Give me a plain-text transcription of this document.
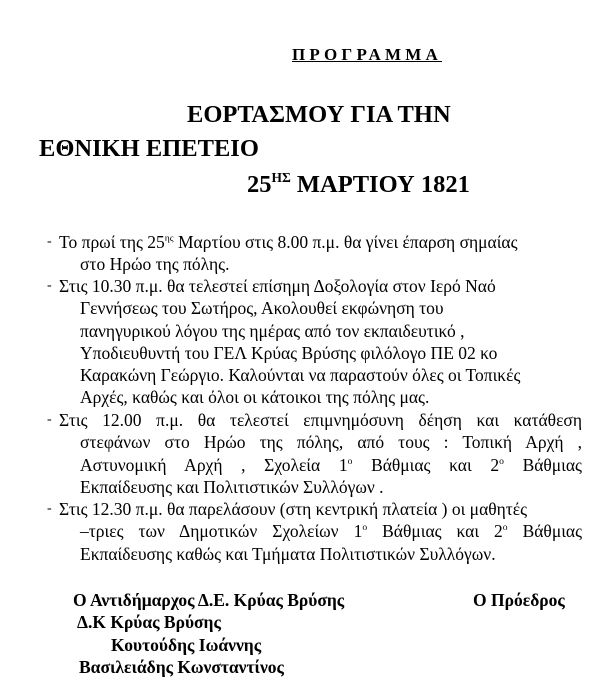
ΠΡΟΓΡΑΜΜΑ
ΕΟΡΤΑΣΜΟΥ ΓΙΑ ΤΗΝ
ΕΘΝΙΚΗ ΕΠΕΤΕΙΟ
$25^{H\Sigma}$ ΜΑΡΤΙΟΥ 1821
- Το πρωί της $25^{\eta\varsigma}$ Μαρτίου στις 8.00 π.μ. θα γίνει έπαρση σημαίας
στο Ηρώο της πόλης.
- Στις 10.30 π.μ. θα τελεστεί επίσημη Δοξολογία στον Ιερό Ναό
Γεννήσεως του Σωτήρος, Ακολουθεί εκφώνηση του
πανηγυρικού λόγου της ημέρας από τον εκπαιδευτικό ,
Υποδιευθυντή του ΓΕΛ Κρύας Βρύσης φιλόλογο ΠΕ 02 κο
Καρακώνη Γεώργιο. Καλούνται να παραστούν όλες οι Τοπικές
Αρχές, καθώς και όλοι οι κάτοικοι της πόλης μας.
- Στις 12.00 π.μ. θα τελεστεί επιμνημόσυνη δέηση και κατάθεση
στεφάνων στο Ηρώο της πόλης, από τους : Τοπική Αρχή ,
Αστυνομική Αρχή , Σχολεία $1^o$ Βάθμιας και $2^o$ Βάθμιας
Εκπαίδευσης και Πολιτιστικών Συλλόγων .
- Στις 12.30 π.μ. θα παρελάσουν (στη κεντρική πλατεία ) οι μαθητές
–τριες των Δημοτικών Σχολείων $1^o$ Βάθμιας και $2^o$ Βάθμιας
Εκπαίδευσης καθώς και Τμήματα Πολιτιστικών Συλλόγων.
Ο Αντιδήμαρχος Δ.Ε. Κρύας Βρύσης	Ο Πρόεδρος
Δ.Κ Κρύας Βρύσης
Κουτούδης Ιωάννης
Βασιλειάδης Κωνσταντίνος
